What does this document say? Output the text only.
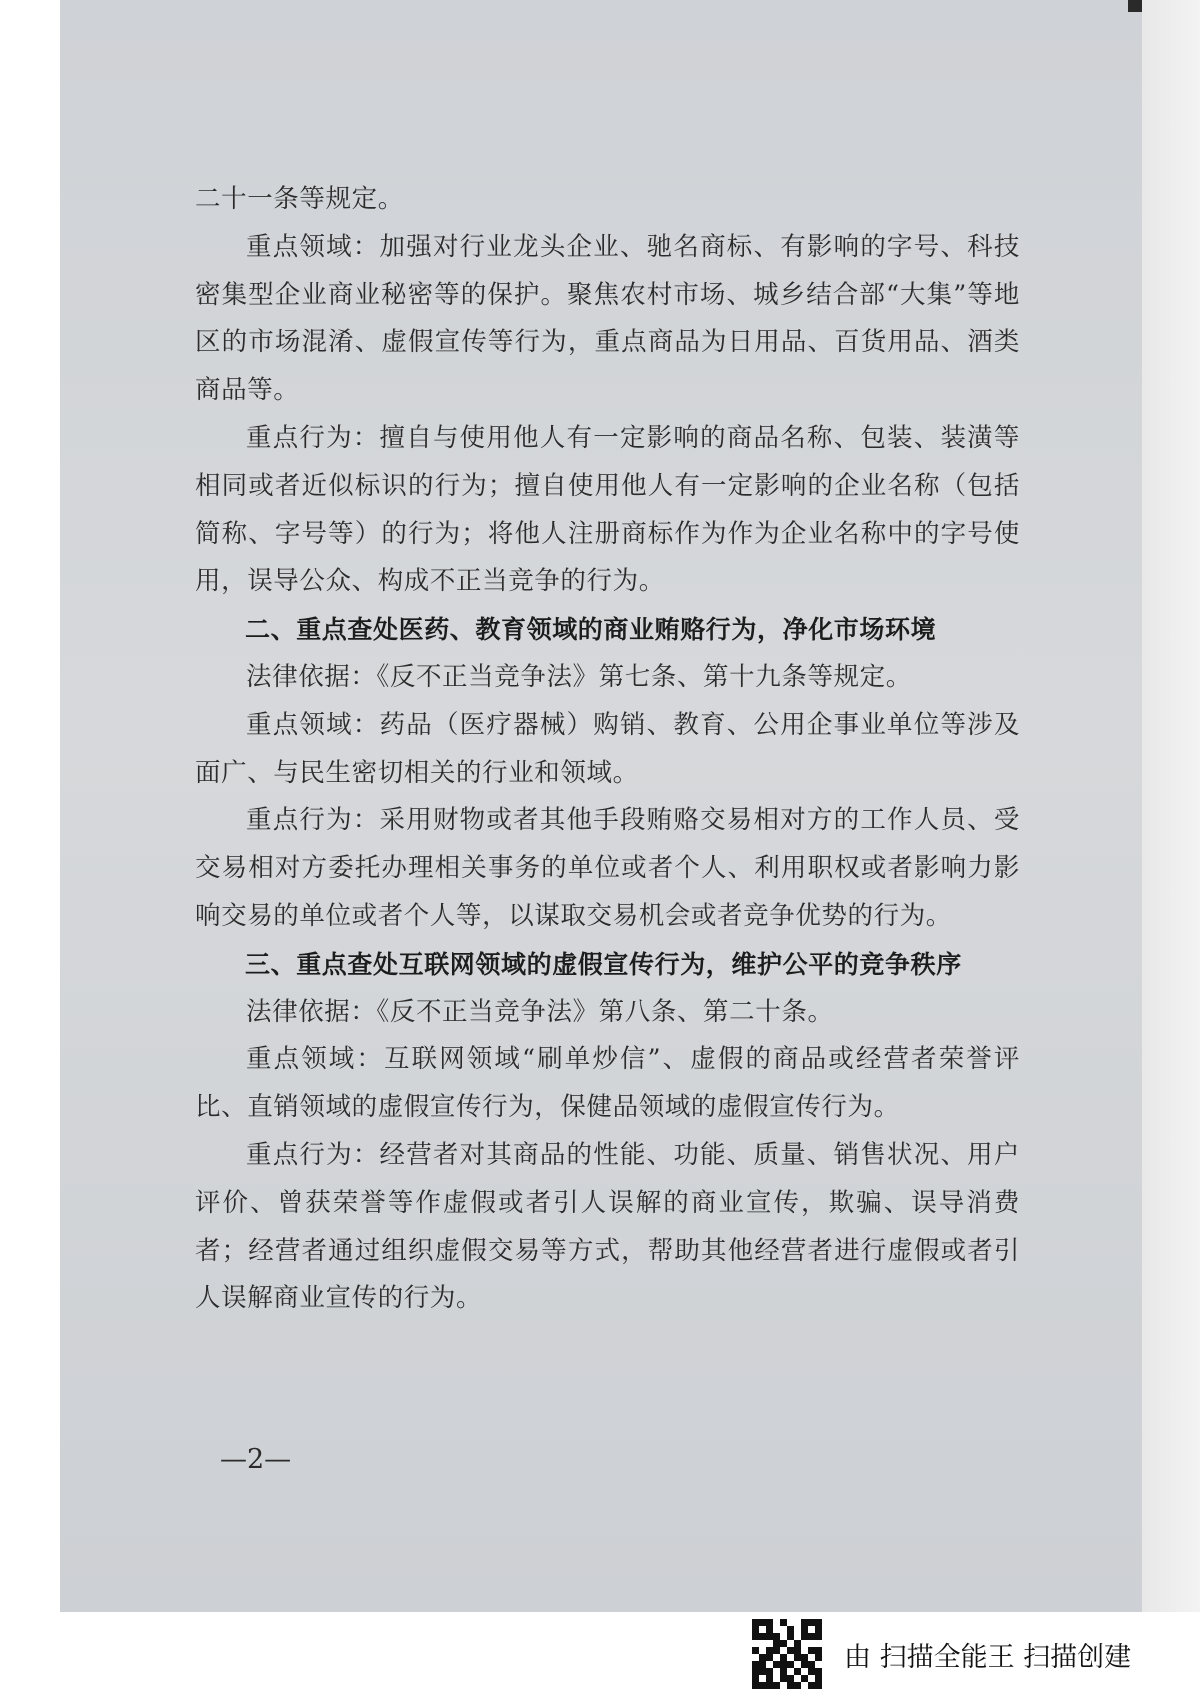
二十一条等规定。

重点领域：加强对行业龙头企业、驰名商标、有影响的字号、科技密集型企业商业秘密等的保护。聚焦农村市场、城乡结合部“大集”等地区的市场混淆、虚假宣传等行为，重点商品为日用品、百货用品、酒类商品等。

重点行为：擅自与使用他人有一定影响的商品名称、包装、装潢等相同或者近似标识的行为；擅自使用他人有一定影响的企业名称（包括简称、字号等）的行为；将他人注册商标作为作为企业名称中的字号使用，误导公众、构成不正当竞争的行为。

二、重点查处医药、教育领域的商业贿赂行为，净化市场环境

法律依据：《反不正当竞争法》第七条、第十九条等规定。

重点领域：药品（医疗器械）购销、教育、公用企事业单位等涉及面广、与民生密切相关的行业和领域。

重点行为：采用财物或者其他手段贿赂交易相对方的工作人员、受交易相对方委托办理相关事务的单位或者个人、利用职权或者影响力影响交易的单位或者个人等，以谋取交易机会或者竞争优势的行为。

三、重点查处互联网领域的虚假宣传行为，维护公平的竞争秩序

法律依据：《反不正当竞争法》第八条、第二十条。

重点领域：互联网领域“刷单炒信”、虚假的商品或经营者荣誉评比、直销领域的虚假宣传行为，保健品领域的虚假宣传行为。

重点行为：经营者对其商品的性能、功能、质量、销售状况、用户评价、曾获荣誉等作虚假或者引人误解的商业宣传，欺骗、误导消费者；经营者通过组织虚假交易等方式，帮助其他经营者进行虚假或者引人误解商业宣传的行为。

—2—
由 扫描全能王 扫描创建
